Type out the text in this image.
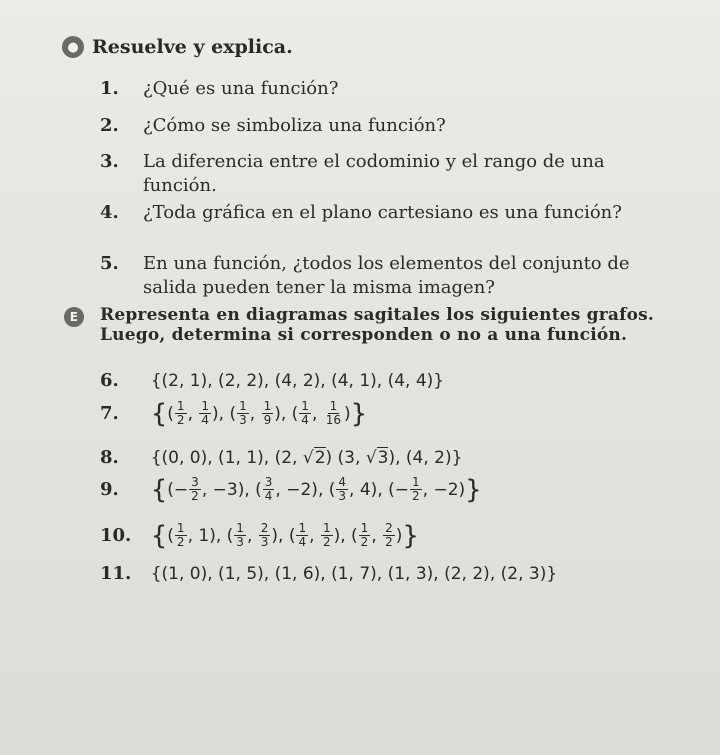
● Resuelve y explica.
1.	¿Qué es una función?
2.	¿Cómo se simboliza una función?
3.	La diferencia entre el codominio y el rango de una función.
4.	¿Toda gráfica en el plano cartesiano es una función?
5.	En una función, ¿todos los elementos del conjunto de salida pueden tener la misma imagen?
E	Representa en diagramas sagitales los siguientes grafos. Luego, determina si corresponden o no a una función.
6. {(2, 1), (2, 2), (4, 2), (4, 1), (4, 4)}
7. {( $\frac{1}{2}$ , $\frac{1}{4}$ ), ( $\frac{1}{3}$ , $\frac{1}{9}$ ), ( $\frac{1}{4}$ , $\frac{1}{16}$ )}
8. {(0, 0), (1, 1), (2, √2) (3, √3), (4, 2)}
9. {(− $\frac{3}{2}$ , −3), ( $\frac{3}{4}$ , −2), ( $\frac{4}{3}$ , 4), (− $\frac{1}{2}$ , −2)}
10. {( $\frac{1}{2}$ , 1), ( $\frac{1}{3}$ , $\frac{2}{3}$ ), ( $\frac{1}{4}$ , $\frac{1}{2}$ ), ( $\frac{1}{2}$ , $\frac{2}{2}$ )}
11. {(1, 0), (1, 5), (1, 6), (1, 7), (1, 3), (2, 2), (2, 3)}
